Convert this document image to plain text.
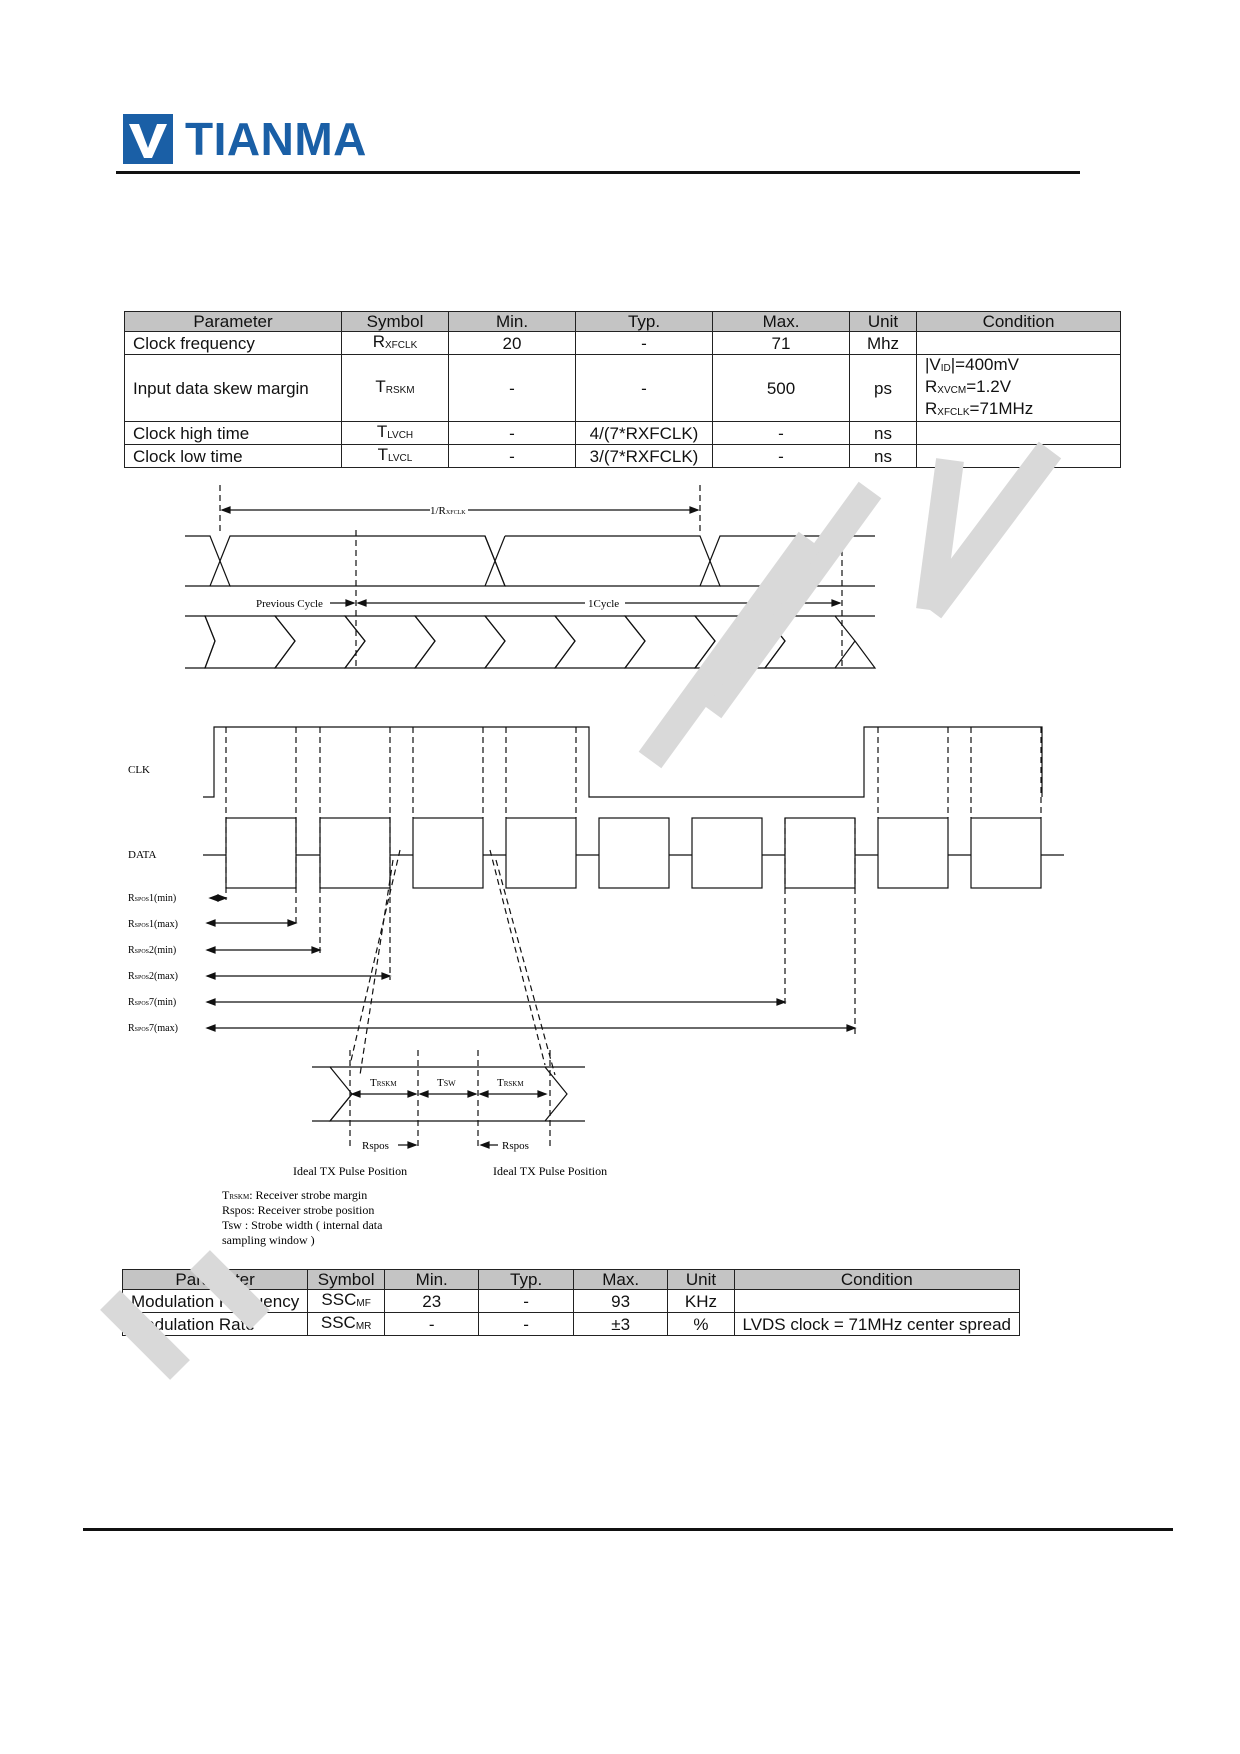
TIANMA
Parameter	Symbol	Min.	Typ.	Max.	Unit	Condition
Clock frequency	$R_{XFCLK}$	20	-	71	Mhz	
Input data skew margin	$T_{RSKM}$	-	-	500	ps	$|V_{ID}|=400mV$
$R_{XVCM}=1.2V$
$R_{XFCLK}=71MHz$

Clock high time	$T_{LVCH}$	-	4/(7*RXFCLK)	-	ns	
Clock low time	$T_{LVCL}$	-	3/(7*RXFCLK)	-	ns	
1/RXFCLK
Previous Cycle	1Cycle
CLK
DATA
RSPOS1(min)
RSPOS1(max)
RSPOS2(min)
RSPOS2(max)
RSPOS7(min)
RSPOS7(max)
TRSKM	TSW	TRSKM
Rspos	Rspos
Ideal TX Pulse Position	Ideal TX Pulse Position
TRSKM: Receiver strobe margin
Rspos: Receiver strobe position
Tsw : Strobe width ( internal data
sampling window )
Parameter	Symbol	Min.	Typ.	Max.	Unit	Condition
Modulation Frequency	$SSC_{MF}$	23	-	93	KHz	
Modulation Rate	$SSC_{MR}$	-	-	±3	%	LVDS clock = 71MHz center spread
